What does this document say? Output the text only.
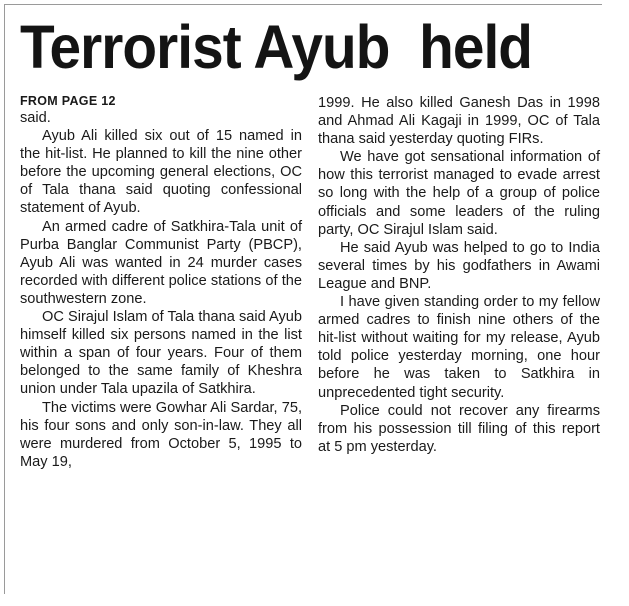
Terrorist Ayub  held
FROM PAGE 12

said.

Ayub Ali killed six out of 15 named in the hit-list. He planned to kill the nine other before the upcoming general elections, OC of Tala thana said quoting confessional statement of Ayub.

An armed cadre of Satkhira-Tala unit of Purba Banglar Communist Party (PBCP), Ayub Ali was wanted in 24 murder cases recorded with different police stations of the southwestern zone.

OC Sirajul Islam of Tala thana said Ayub himself killed six persons named in the list within a span of four years. Four of them belonged to the same family of Kheshra union under Tala upazila of Satkhira.

The victims were Gowhar Ali Sardar, 75, his four sons and only son-in-law. They all were murdered from October 5, 1995 to May 19,

1999. He also killed Ganesh Das in 1998 and Ahmad Ali Kagaji in 1999, OC of Tala thana said yesterday quoting FIRs.

We have got sensational information of how this terrorist managed to evade arrest so long with the help of a group of police officials and some leaders of the ruling party, OC Sirajul Islam said.

He said Ayub was helped to go to India several times by his godfathers in Awami League and BNP.

I have given standing order to my fellow armed cadres to finish nine others of the hit-list without waiting for my release, Ayub told police yesterday morning, one hour before he was taken to Satkhira in unprecedented tight security.

Police could not recover any firearms from his possession till filing of this report at 5 pm yesterday.
